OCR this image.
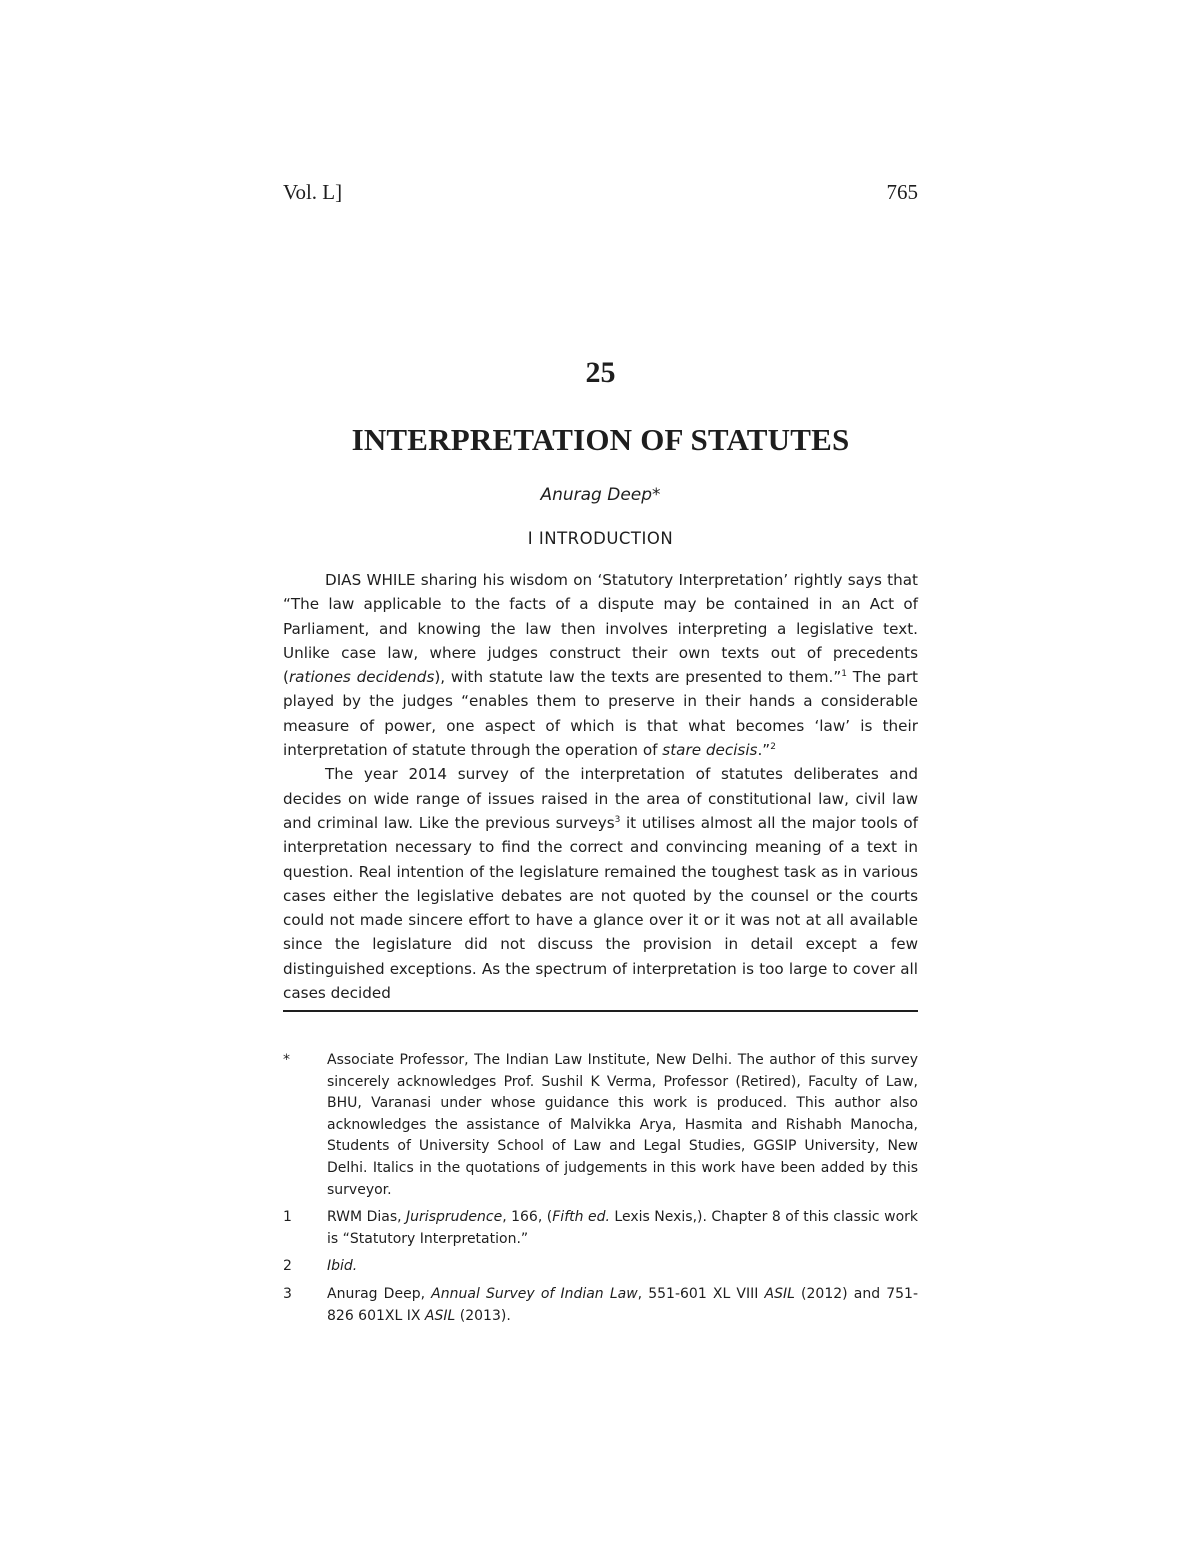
Vol. L]	765
25
INTERPRETATION OF STATUTES
Anurag Deep*
I INTRODUCTION

DIAS WHILE sharing his wisdom on ‘Statutory Interpretation’ rightly says that “The law applicable to the facts of a dispute may be contained in an Act of Parliament, and knowing the law then involves interpreting a legislative text. Unlike case law, where judges construct their own texts out of precedents (rationes decidends), with statute law the texts are presented to them.”$^1$ The part played by the judges “enables them to preserve in their hands a considerable measure of power, one aspect of which is that what becomes ‘law’ is their interpretation of statute through the operation of stare decisis.”$^2$

The year 2014 survey of the interpretation of statutes deliberates and decides on wide range of issues raised in the area of constitutional law, civil law and criminal law. Like the previous surveys$^3$ it utilises almost all the major tools of interpretation necessary to find the correct and convincing meaning of a text in question. Real intention of the legislature remained the toughest task as in various cases either the legislative debates are not quoted by the counsel or the courts could not made sincere effort to have a glance over it or it was not at all available since the legislature did not discuss the provision in detail except a few distinguished exceptions. As the spectrum of interpretation is too large to cover all cases decided

*	Associate Professor, The Indian Law Institute, New Delhi. The author of this survey sincerely acknowledges Prof. Sushil K Verma, Professor (Retired), Faculty of Law, BHU, Varanasi under whose guidance this work is produced. This author also acknowledges the assistance of Malvikka Arya, Hasmita and Rishabh Manocha, Students of University School of Law and Legal Studies, GGSIP University, New Delhi. Italics in the quotations of judgements in this work have been added by this surveyor.
1	RWM Dias, Jurisprudence, 166, (Fifth ed. Lexis Nexis,). Chapter 8 of this classic work is “Statutory Interpretation.”
2	Ibid.
3	Anurag Deep, Annual Survey of Indian Law, 551-601 XL VIII ASIL (2012) and 751-826 601XL IX ASIL (2013).
